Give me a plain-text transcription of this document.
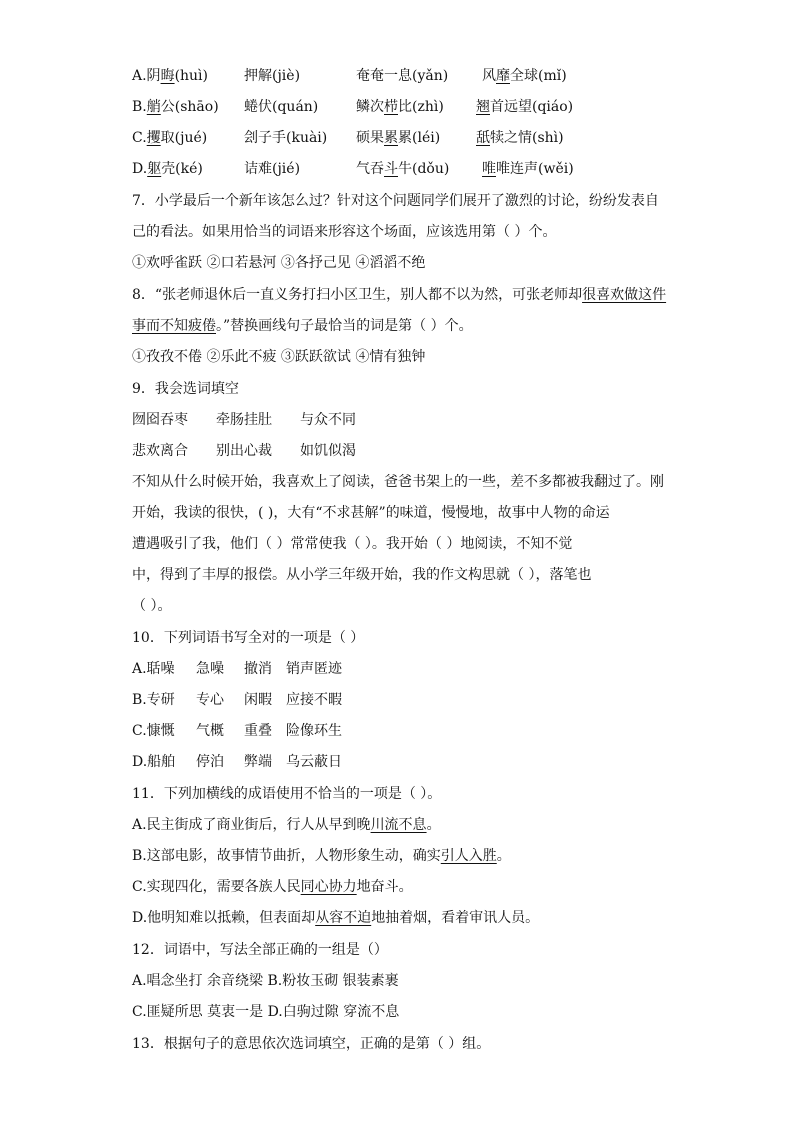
A.阴晦(huì)	押解(jiè)	奄奄一息(yǎn) 风靡全球(mǐ)
B.艄公(shāo) 蜷伏(quán)	鳞次栉比(zhì) 翘首远望(qiáo)
C.攫取(jué)	刽子手(kuài) 硕果累累(léi)	舐犊之情(shì)
D.躯壳(ké)	诘难(jié)	气吞斗牛(dǒu) 唯唯连声(wěi)
7．小学最后一个新年该怎么过？针对这个问题同学们展开了激烈的讨论，纷纷发表自
己的看法。如果用恰当的词语来形容这个场面，应该选用第（ ）个。
①欢呼雀跃 ②口若悬河 ③各抒己见 ④滔滔不绝
8．“张老师退休后一直义务打扫小区卫生，别人都不以为然，可张老师却很喜欢做这件
事而不知疲倦。”替换画线句子最恰当的词是第（ ）个。
①孜孜不倦 ②乐此不疲 ③跃跃欲试 ④情有独钟
9．我会选词填空
囫囵吞枣 牵肠挂肚 与众不同
悲欢离合 别出心裁 如饥似渴
不知从什么时候开始，我喜欢上了阅读，爸爸书架上的一些，差不多都被我翻过了。刚
开始，我读的很快，( )，大有“不求甚解”的味道，慢慢地，故事中人物的命运
遭遇吸引了我，他们（ ）常常使我（ ）。我开始（ ）地阅读，不知不觉
中，得到了丰厚的报偿。从小学三年级开始，我的作文构思就（ ），落笔也
（ ）。
10．下列词语书写全对的一项是（ ）
A.聒噪 急噪 撤消 销声匿迹
B.专研 专心 闲暇 应接不暇
C.慷慨 气概 重叠 险像环生
D.船舶 停泊 弊端 乌云蔽日
11．下列加横线的成语使用不恰当的一项是（ ）。
A.民主街成了商业街后，行人从早到晚川流不息。
B.这部电影，故事情节曲折，人物形象生动，确实引人入胜。
C.实现四化，需要各族人民同心协力地奋斗。
D.他明知难以抵赖，但表面却从容不迫地抽着烟，看着审讯人员。
12．词语中，写法全部正确的一组是（）
A.唱念坐打 余音绕梁 B.粉妆玉砌 银装素裹
C.匪疑所思 莫衷一是 D.白驹过隙 穿流不息
13．根据句子的意思依次选词填空，正确的是第（ ）组。
